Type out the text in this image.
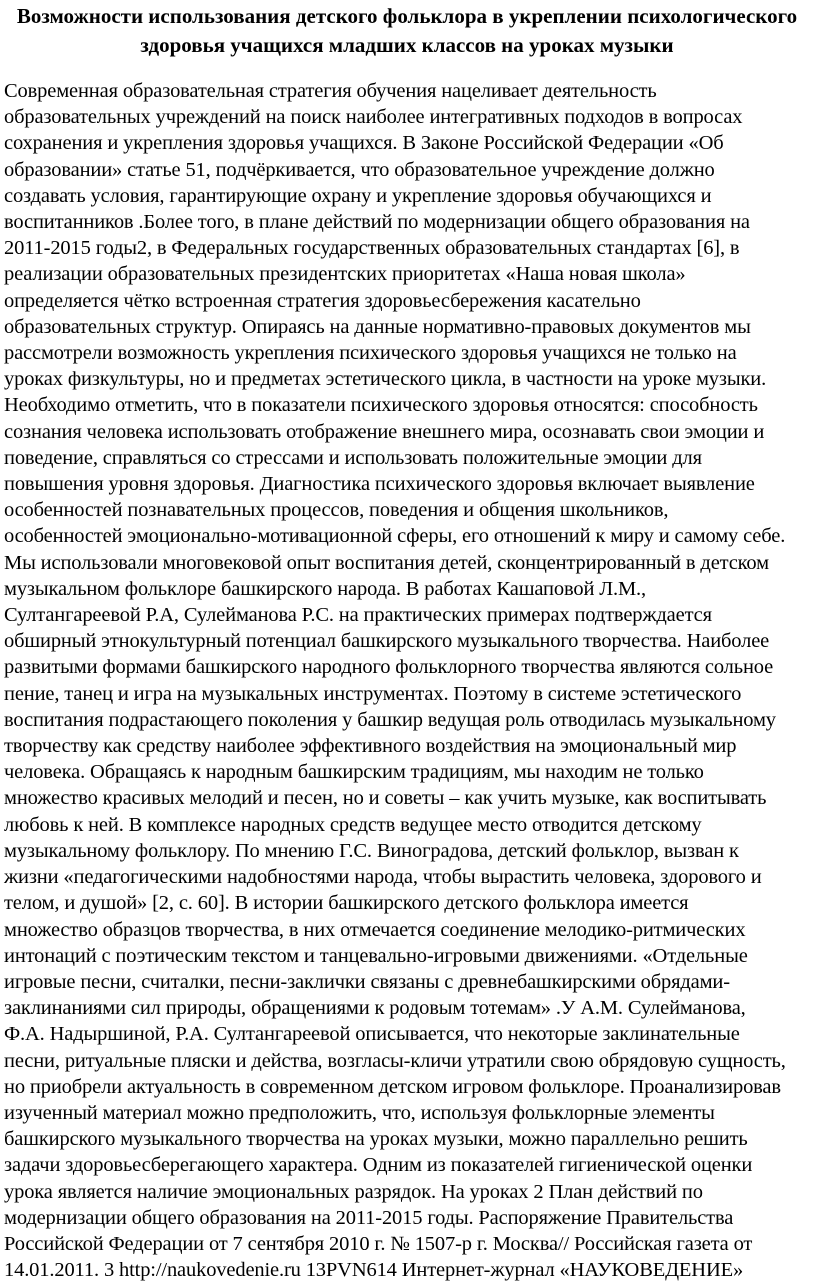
Возможности использования детского фольклора в укреплении психологического
здоровья учащихся младших классов на уроках музыки
Современная образовательная стратегия обучения нацеливает деятельность
образовательных учреждений на поиск наиболее интегративных подходов в вопросах
сохранения и укрепления здоровья учащихся. В Законе Российской Федерации «Об
образовании» статье 51, подчёркивается, что образовательное учреждение должно
создавать условия, гарантирующие охрану и укрепление здоровья обучающихся и
воспитанников .Более того, в плане действий по модернизации общего образования на
2011-2015 годы2, в Федеральных государственных образовательных стандартах [6], в
реализации образовательных президентских приоритетах «Наша новая школа»
определяется чётко встроенная стратегия здоровьесбережения касательно
образовательных структур. Опираясь на данные нормативно-правовых документов мы
рассмотрели возможность укрепления психического здоровья учащихся не только на
уроках физкультуры, но и предметах эстетического цикла, в частности на уроке музыки.
Необходимо отметить, что в показатели психического здоровья относятся: способность
сознания человека использовать отображение внешнего мира, осознавать свои эмоции и
поведение, справляться со стрессами и использовать положительные эмоции для
повышения уровня здоровья. Диагностика психического здоровья включает выявление
особенностей познавательных процессов, поведения и общения школьников,
особенностей эмоционально-мотивационной сферы, его отношений к миру и самому себе.
Мы использовали многовековой опыт воспитания детей, сконцентрированный в детском
музыкальном фольклоре башкирского народа. В работах Кашаповой Л.М.,
Султангареевой Р.А, Сулейманова Р.С. на практических примерах подтверждается
обширный этнокультурный потенциал башкирского музыкального творчества. Наиболее
развитыми формами башкирского народного фольклорного творчества являются сольное
пение, танец и игра на музыкальных инструментах. Поэтому в системе эстетического
воспитания подрастающего поколения у башкир ведущая роль отводилась музыкальному
творчеству как средству наиболее эффективного воздействия на эмоциональный мир
человека. Обращаясь к народным башкирским традициям, мы находим не только
множество красивых мелодий и песен, но и советы – как учить музыке, как воспитывать
любовь к ней. В комплексе народных средств ведущее место отводится детскому
музыкальному фольклору. По мнению Г.С. Виноградова, детский фольклор, вызван к
жизни «педагогическими надобностями народа, чтобы вырастить человека, здорового и
телом, и душой» [2, с. 60]. В истории башкирского детского фольклора имеется
множество образцов творчества, в них отмечается соединение мелодико-ритмических
интонаций с поэтическим текстом и танцевально-игровыми движениями. «Отдельные
игровые песни, считалки, песни-заклички связаны с древнебашкирскими обрядами-
заклинаниями сил природы, обращениями к родовым тотемам» .У А.М. Сулейманова,
Ф.А. Надыршиной, Р.А. Султангареевой описывается, что некоторые заклинательные
песни, ритуальные пляски и действа, возгласы-кличи утратили свою обрядовую сущность,
но приобрели актуальность в современном детском игровом фольклоре. Проанализировав
изученный материал можно предположить, что, используя фольклорные элементы
башкирского музыкального творчества на уроках музыки, можно параллельно решить
задачи здоровьесберегающего характера. Одним из показателей гигиенической оценки
урока является наличие эмоциональных разрядок. На уроках 2 План действий по
модернизации общего образования на 2011-2015 годы. Распоряжение Правительства
Российской Федерации от 7 сентября 2010 г. № 1507-р г. Москва// Российская газета от
14.01.2011. 3 http://naukovedenie.ru 13PVN614 Интернет-журнал «НАУКОВЕДЕНИЕ»
